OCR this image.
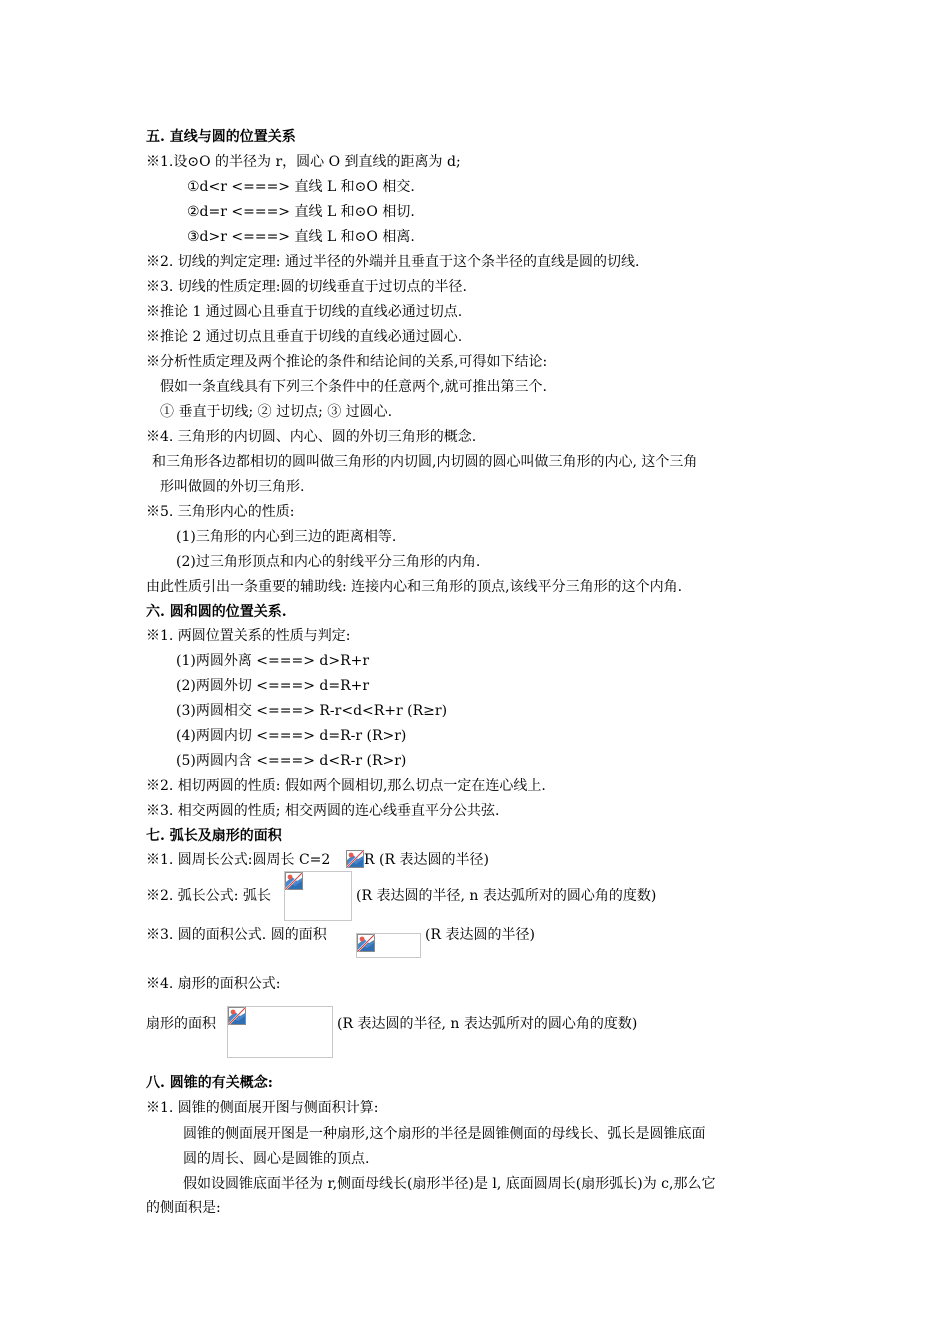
五. 直线与圆的位置关系
※1.设⊙O 的半径为 r，圆心 O 到直线的距离为 d;
①d<r <===> 直线 L 和⊙O 相交.
②d=r <===> 直线 L 和⊙O 相切.
③d>r <===> 直线 L 和⊙O 相离.
※2. 切线的判定定理: 通过半径的外端并且垂直于这个条半径的直线是圆的切线.
※3. 切线的性质定理:圆的切线垂直于过切点的半径.
※推论 1 通过圆心且垂直于切线的直线必通过切点.
※推论 2 通过切点且垂直于切线的直线必通过圆心.
※分析性质定理及两个推论的条件和结论间的关系,可得如下结论:
假如一条直线具有下列三个条件中的任意两个,就可推出第三个.
① 垂直于切线; ② 过切点; ③ 过圆心.
※4. 三角形的内切圆、内心、圆的外切三角形的概念.
和三角形各边都相切的圆叫做三角形的内切圆,内切圆的圆心叫做三角形的内心, 这个三角
形叫做圆的外切三角形.
※5. 三角形内心的性质:
(1)三角形的内心到三边的距离相等.
(2)过三角形顶点和内心的射线平分三角形的内角.
由此性质引出一条重要的辅助线: 连接内心和三角形的顶点,该线平分三角形的这个内角.
六. 圆和圆的位置关系.
※1. 两圆位置关系的性质与判定:
(1)两圆外离 <===> d>R+r
(2)两圆外切 <===> d=R+r
(3)两圆相交 <===> R-r<d<R+r (R≥r)
(4)两圆内切 <===> d=R-r (R>r)
(5)两圆内含 <===> d<R-r (R>r)
※2. 相切两圆的性质: 假如两个圆相切,那么切点一定在连心线上.
※3. 相交两圆的性质; 相交两圆的连心线垂直平分公共弦.
七. 弧长及扇形的面积
※1. 圆周长公式:圆周长 C=2 R (R 表达圆的半径)
※2. 弧长公式: 弧长	(R 表达圆的半径, n 表达弧所对的圆心角的度数)
※3. 圆的面积公式. 圆的面积	(R 表达圆的半径)
※4. 扇形的面积公式:
扇形的面积	(R 表达圆的半径, n 表达弧所对的圆心角的度数)
八. 圆锥的有关概念:
※1. 圆锥的侧面展开图与侧面积计算:
圆锥的侧面展开图是一种扇形,这个扇形的半径是圆锥侧面的母线长、弧长是圆锥底面
圆的周长、圆心是圆锥的顶点.
假如设圆锥底面半径为 r,侧面母线长(扇形半径)是 l, 底面圆周长(扇形弧长)为 c,那么它
的侧面积是:
